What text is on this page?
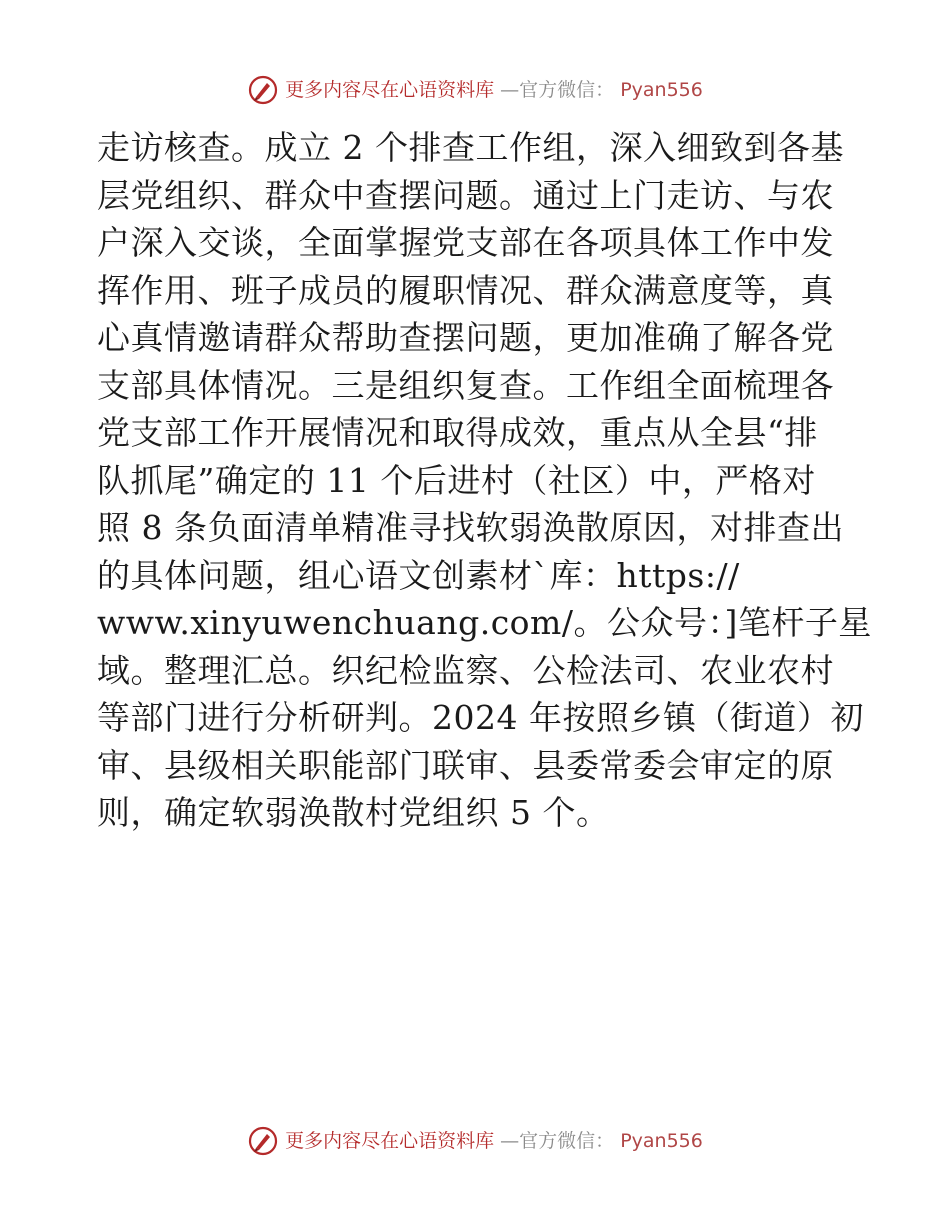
更多内容尽在心语资料库 —官方微信： Pyan556
走访核查。成立 2 个排查工作组，深入细致到各基
层党组织、群众中查摆问题。通过上门走访、与农
户深入交谈，全面掌握党支部在各项具体工作中发
挥作用、班子成员的履职情况、群众满意度等，真
心真情邀请群众帮助查摆问题，更加准确了解各党
支部具体情况。三是组织复查。工作组全面梳理各
党支部工作开展情况和取得成效，重点从全县“排
队抓尾”确定的 11 个后进村（社区）中，严格对
照 8 条负面清单精准寻找软弱涣散原因，对排查出
的具体问题，组心语文创素材`库：https://
www.xinyuwenchuang.com/。公众号：]笔杆子星
域。整理汇总。织纪检监察、公检法司、农业农村
等部门进行分析研判。2024 年按照乡镇（街道）初
审、县级相关职能部门联审、县委常委会审定的原
则，确定软弱涣散村党组织 5 个。
更多内容尽在心语资料库 —官方微信： Pyan556
